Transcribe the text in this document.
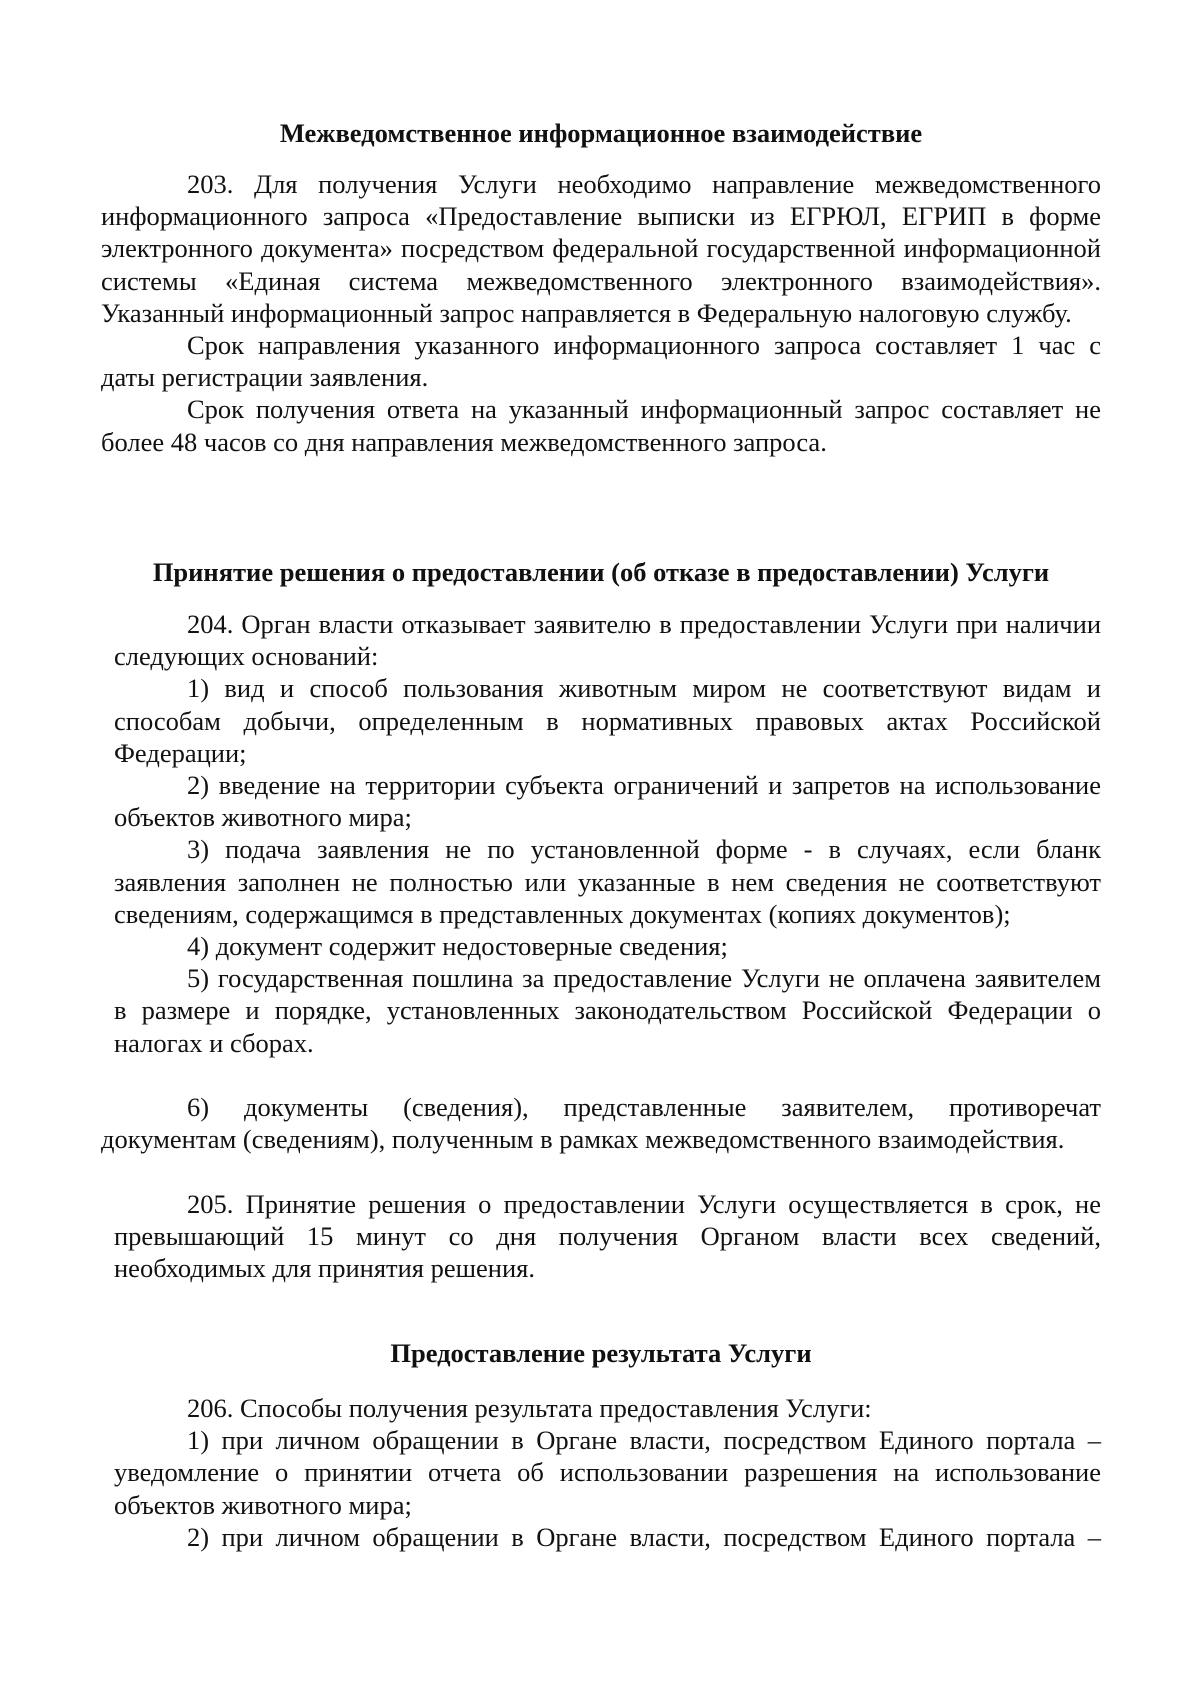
Межведомственное информационное взаимодействие

203. Для получения Услуги необходимо направление межведомственного информационного запроса «Предоставление выписки из ЕГРЮЛ, ЕГРИП в форме электронного документа» посредством федеральной государственной информационной системы «Единая система межведомственного электронного взаимодействия». Указанный информационный запрос направляется в Федеральную налоговую службу.

Срок направления указанного информационного запроса составляет 1 час с даты регистрации заявления.

Срок получения ответа на указанный информационный запрос составляет не более 48 часов со дня направления межведомственного запроса.

Принятие решения о предоставлении (об отказе в предоставлении) Услуги

204. Орган власти отказывает заявителю в предоставлении Услуги при наличии следующих оснований:

1) вид и способ пользования животным миром не соответствуют видам и способам добычи, определенным в нормативных правовых актах Российской Федерации;

2) введение на территории субъекта ограничений и запретов на использование объектов животного мира;

3) подача заявления не по установленной форме - в случаях, если бланк заявления заполнен не полностью или указанные в нем сведения не соответствуют сведениям, содержащимся в представленных документах (копиях документов);

4) документ содержит недостоверные сведения;

5) государственная пошлина за предоставление Услуги не оплачена заявителем в размере и порядке, установленных законодательством Российской Федерации о налогах и сборах.

6) документы (сведения), представленные заявителем, противоречат документам (сведениям), полученным в рамках межведомственного взаимодействия.

205. Принятие решения о предоставлении Услуги осуществляется в срок, не превышающий 15 минут со дня получения Органом власти всех сведений, необходимых для принятия решения.

Предоставление результата Услуги

206. Способы получения результата предоставления Услуги:

1) при личном обращении в Органе власти, посредством Единого портала – уведомление о принятии отчета об использовании разрешения на использование объектов животного мира;

2) при личном обращении в Органе власти, посредством Единого портала –
